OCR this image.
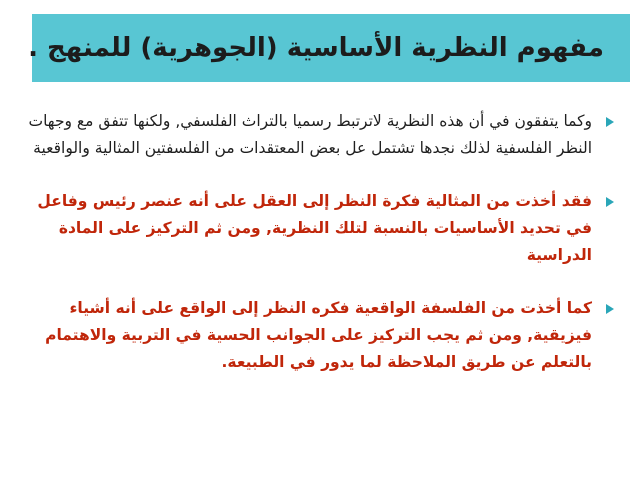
مفهوم النظرية الأساسية (الجوهرية) للمنهج .
وكما يتفقون في أن هذه النظرية لاترتبط رسميا بالتراث الفلسفي, ولكنها تتفق مع وجهات النظر الفلسفية لذلك نجدها تشتمل عل بعض المعتقدات من الفلسفتين المثالية والواقعية
فقد أخذت من المثالية فكرة النظر إلى العقل على أنه عنصر رئيس وفاعل في تحديد الأساسيات بالنسبة لتلك النظرية, ومن ثم التركيز على المادة الدراسية
كما أخذت من الفلسفة الواقعية فكره النظر إلى الواقع على أنه أشياء فيزيقية, ومن ثم يجب التركيز على الجوانب الحسية في التربية والاهتمام بالتعلم عن طريق الملاحظة لما يدور في الطبيعة.
